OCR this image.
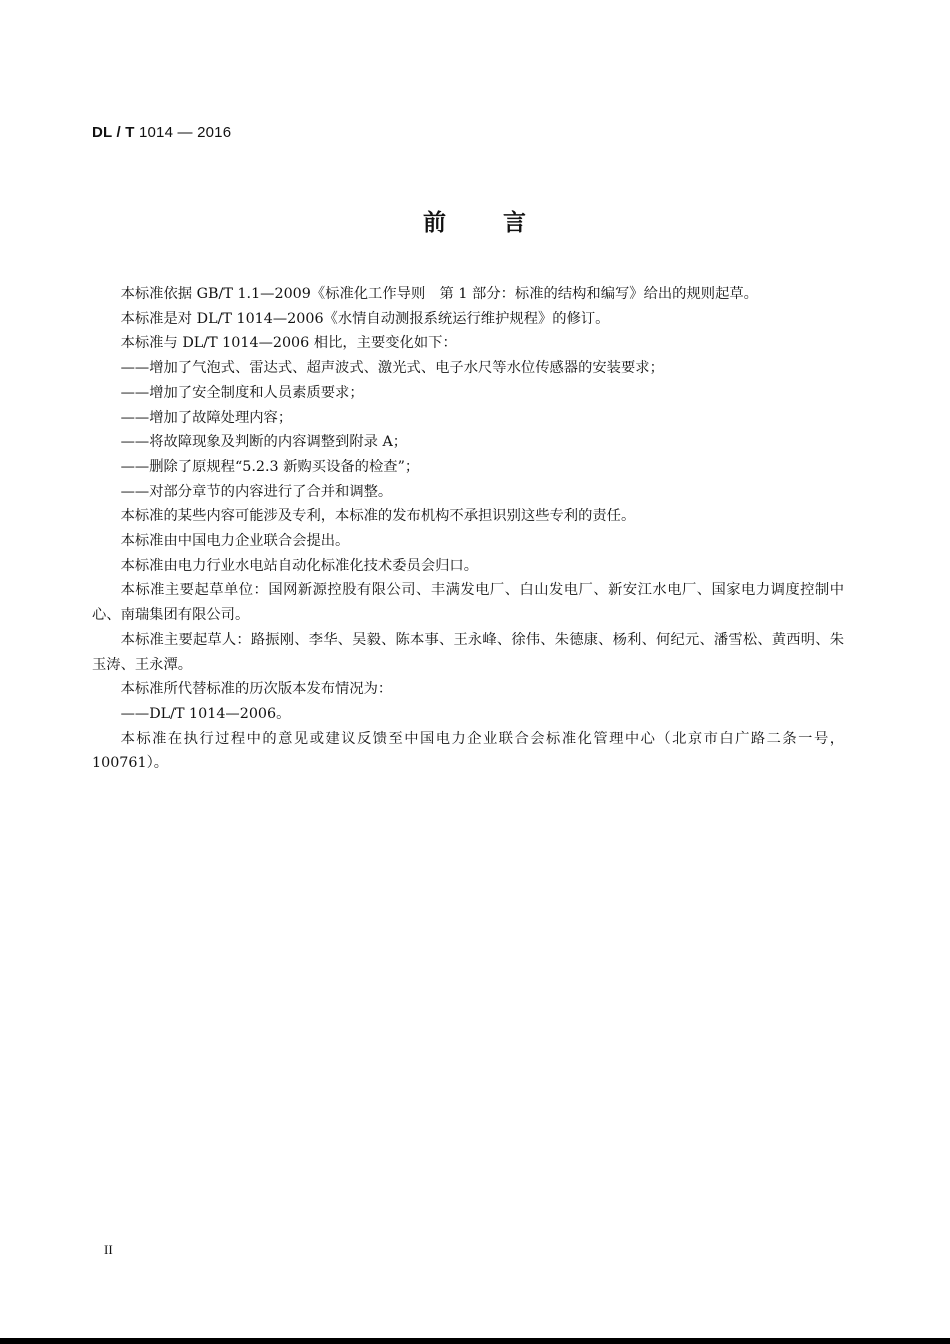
DL / T 1014 — 2016
前 言

本标准依据 GB/T 1.1—2009《标准化工作导则　第 1 部分：标准的结构和编写》给出的规则起草。

本标准是对 DL/T 1014—2006《水情自动测报系统运行维护规程》的修订。

本标准与 DL/T 1014—2006 相比，主要变化如下：

——增加了气泡式、雷达式、超声波式、激光式、电子水尺等水位传感器的安装要求；

——增加了安全制度和人员素质要求；

——增加了故障处理内容；

——将故障现象及判断的内容调整到附录 A；

——删除了原规程“5.2.3 新购买设备的检查”；

——对部分章节的内容进行了合并和调整。

本标准的某些内容可能涉及专利，本标准的发布机构不承担识别这些专利的责任。

本标准由中国电力企业联合会提出。

本标准由电力行业水电站自动化标准化技术委员会归口。

本标准主要起草单位：国网新源控股有限公司、丰满发电厂、白山发电厂、新安江水电厂、国家电力调度控制中心、南瑞集团有限公司。

本标准主要起草人：路振刚、李华、吴毅、陈本事、王永峰、徐伟、朱德康、杨利、何纪元、潘雪松、黄西明、朱玉涛、王永潭。

本标准所代替标准的历次版本发布情况为：

——DL/T 1014—2006。

本标准在执行过程中的意见或建议反馈至中国电力企业联合会标准化管理中心（北京市白广路二条一号，100761）。

II
